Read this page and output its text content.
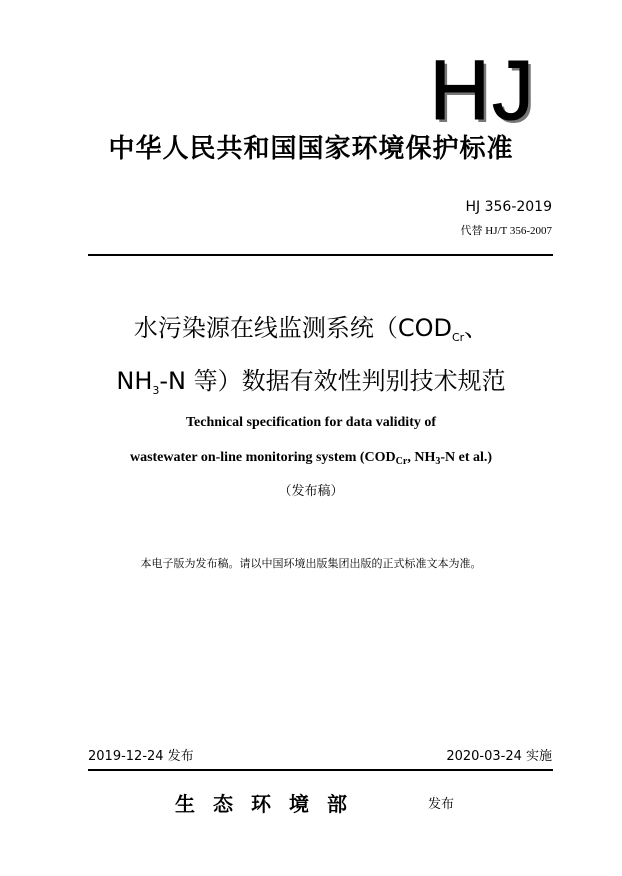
HJ
中华人民共和国国家环境保护标准
HJ 356-2019
代替 HJ/T 356-2007
水污染源在线监测系统（$COD_{Cr}$、
$NH_3-N$ 等）数据有效性判别技术规范
Technical specification for data validity of
wastewater on-line monitoring system ($COD_{Cr}$, $NH_3-N$ et al.)
（发布稿）
本电子版为发布稿。请以中国环境出版集团出版的正式标准文本为准。
2019-12-24 发布	2020-03-24 实施
生态环境部	发布
